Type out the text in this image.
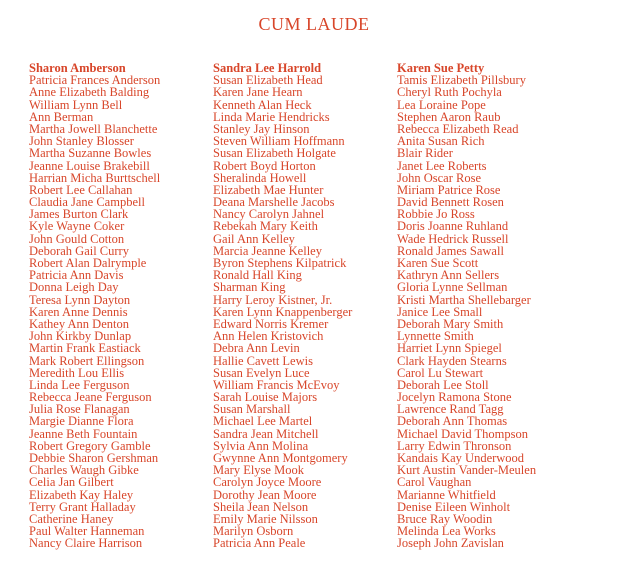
CUM LAUDE
Sharon Amberson
Patricia Frances Anderson
Anne Elizabeth Balding
William Lynn Bell
Ann Berman
Martha Jowell Blanchette
John Stanley Blosser
Martha Suzanne Bowles
Jeanne Louise Brakebill
Harrian Micha Burttschell
Robert Lee Callahan
Claudia Jane Campbell
James Burton Clark
Kyle Wayne Coker
John Gould Cotton
Deborah Gail Curry
Robert Alan Dalrymple
Patricia Ann Davis
Donna Leigh Day
Teresa Lynn Dayton
Karen Anne Dennis
Kathey Ann Denton
John Kirkby Dunlap
Martin Frank Eastiack
Mark Robert Ellingson
Meredith Lou Ellis
Linda Lee Ferguson
Rebecca Jeane Ferguson
Julia Rose Flanagan
Margie Dianne Flora
Jeanne Beth Fountain
Robert Gregory Gamble
Debbie Sharon Gershman
Charles Waugh Gibke
Celia Jan Gilbert
Elizabeth Kay Haley
Terry Grant Halladay
Catherine Haney
Paul Walter Hanneman
Nancy Claire Harrison
Sandra Lee Harrold
Susan Elizabeth Head
Karen Jane Hearn
Kenneth Alan Heck
Linda Marie Hendricks
Stanley Jay Hinson
Steven William Hoffmann
Susan Elizabeth Holgate
Robert Boyd Horton
Sheralinda Howell
Elizabeth Mae Hunter
Deana Marshelle Jacobs
Nancy Carolyn Jahnel
Rebekah Mary Keith
Gail Ann Kelley
Marcia Jeanne Kelley
Byron Stephens Kilpatrick
Ronald Hall King
Sharman King
Harry Leroy Kistner, Jr.
Karen Lynn Knappenberger
Edward Norris Kremer
Ann Helen Kristovich
Debra Ann Levin
Hallie Cavett Lewis
Susan Evelyn Luce
William Francis McEvoy
Sarah Louise Majors
Susan Marshall
Michael Lee Martel
Sandra Jean Mitchell
Sylvia Ann Molina
Gwynne Ann Montgomery
Mary Elyse Mook
Carolyn Joyce Moore
Dorothy Jean Moore
Sheila Jean Nelson
Emily Marie Nilsson
Marilyn Osborn
Patricia Ann Peale
Karen Sue Petty
Tamis Elizabeth Pillsbury
Cheryl Ruth Pochyla
Lea Loraine Pope
Stephen Aaron Raub
Rebecca Elizabeth Read
Anita Susan Rich
Blair Rider
Janet Lee Roberts
John Oscar Rose
Miriam Patrice Rose
David Bennett Rosen
Robbie Jo Ross
Doris Joanne Ruhland
Wade Hedrick Russell
Ronald James Sawall
Karen Sue Scott
Kathryn Ann Sellers
Gloria Lynne Sellman
Kristi Martha Shellebarger
Janice Lee Small
Deborah Mary Smith
Lynnette Smith
Harriet Lynn Spiegel
Clark Hayden Stearns
Carol Lu Stewart
Deborah Lee Stoll
Jocelyn Ramona Stone
Lawrence Rand Tagg
Deborah Ann Thomas
Michael David Thompson
Larry Edwin Thronson
Kandais Kay Underwood
Kurt Austin Vander-Meulen
Carol Vaughan
Marianne Whitfield
Denise Eileen Winholt
Bruce Ray Woodin
Melinda Lea Works
Joseph John Zavislan
